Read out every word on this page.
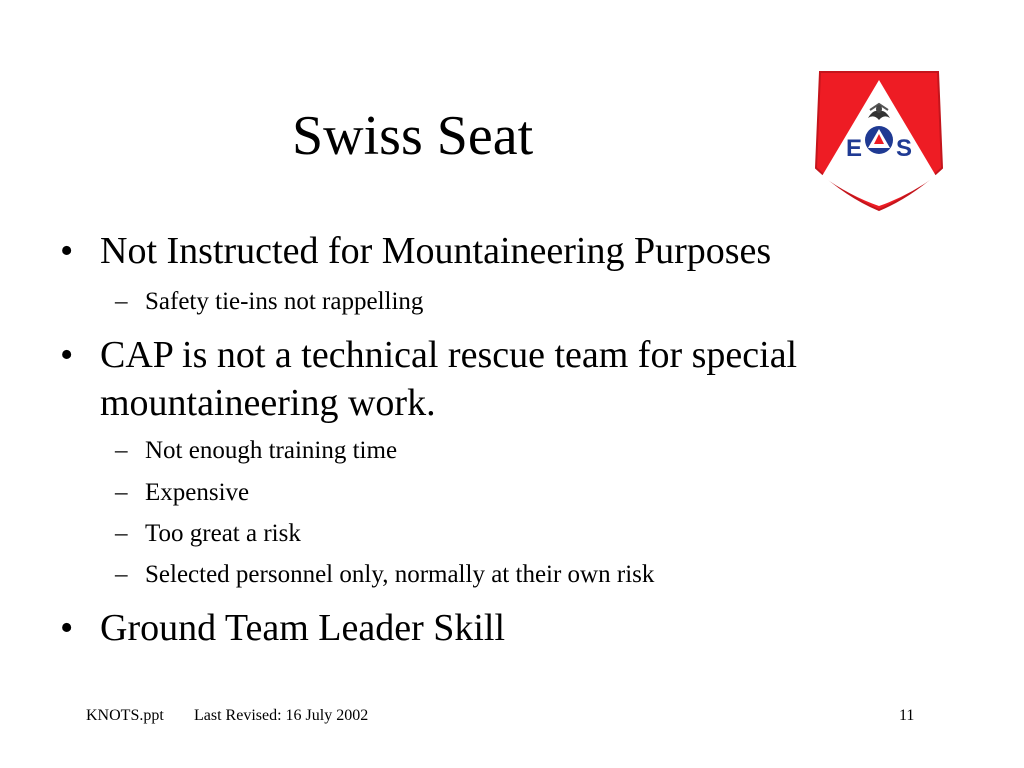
Swiss Seat	E S
• Not Instructed for Mountaineering Purposes
– Safety tie-ins not rappelling
• CAP is not a technical rescue team for special
mountaineering work.
– Not enough training time
– Expensive
– Too great a risk
– Selected personnel only, normally at their own risk
• Ground Team Leader Skill
KNOTS.ppt Last Revised: 16 July 2002	11
